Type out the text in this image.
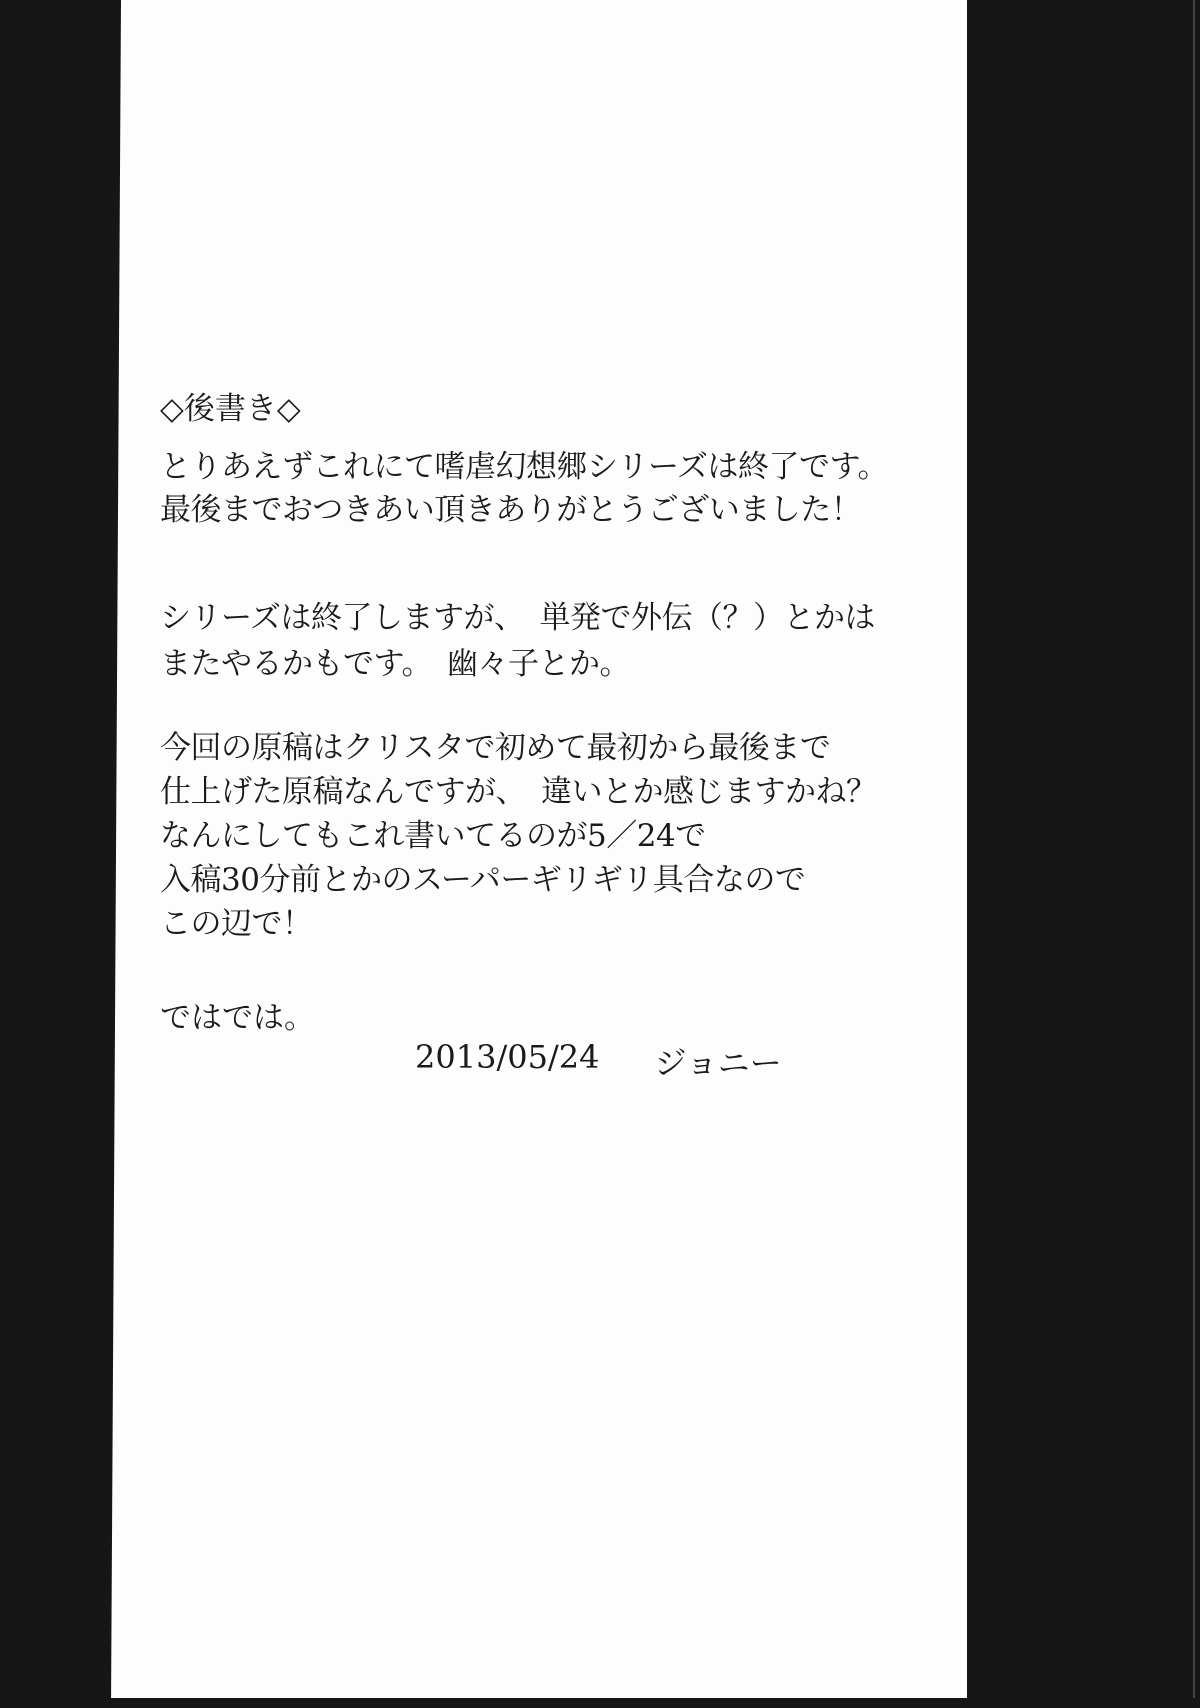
◇後書き◇
とりあえずこれにて嗜虐幻想郷シリーズは終了です。
最後までおつきあい頂きありがとうございました！
シリーズは終了しますが、　単発で外伝（？）とかは
またやるかもです。　幽々子とか。
今回の原稿はクリスタで初めて最初から最後まで
仕上げた原稿なんですが、　違いとか感じますかね？
なんにしてもこれ書いてるのが5／24で
入稿30分前とかのスーパーギリギリ具合なので
この辺で！
ではでは。
2013/05/24 ジョニー
